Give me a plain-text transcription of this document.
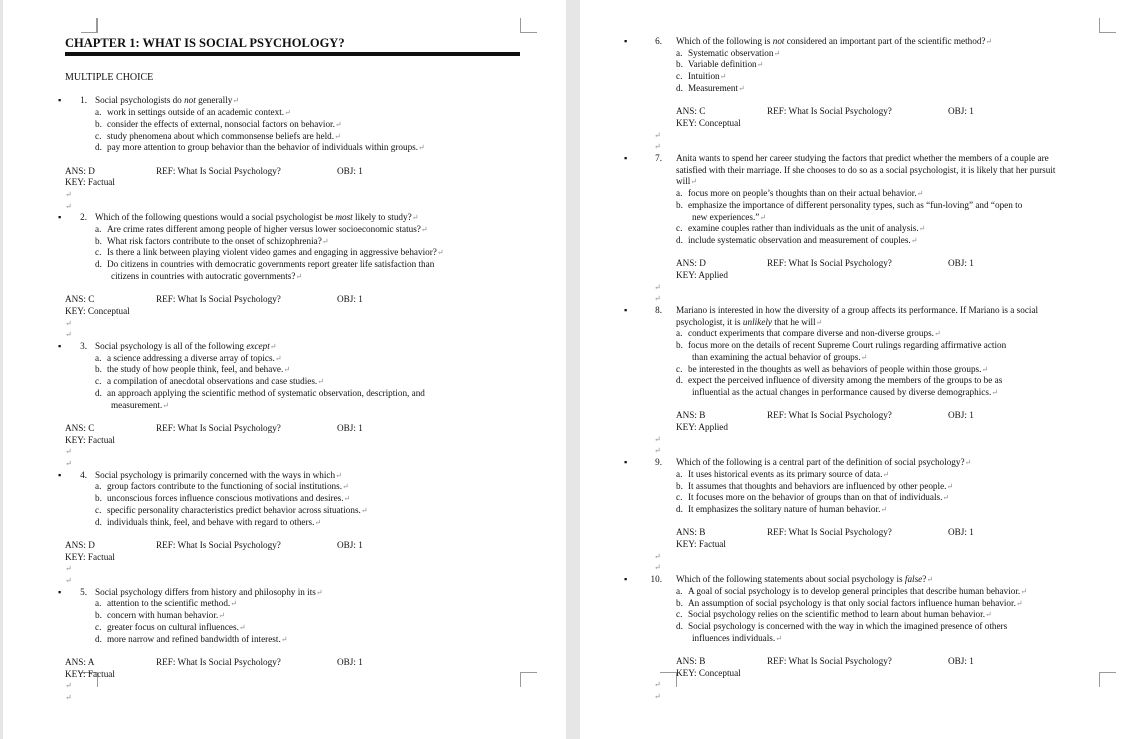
CHAPTER 1: WHAT IS SOCIAL PSYCHOLOGY?
MULTIPLE CHOICE
▪	1. Social psychologists do not generally↵
a. work in settings outside of an academic context.↵
b. consider the effects of external, nonsocial factors on behavior.↵
c. study phenomena about which commonsense beliefs are held.↵
d. pay more attention to group behavior than the behavior of individuals within groups.↵
ANS: D	REF: What Is Social Psychology?	OBJ: 1
KEY: Factual
↵
↵
▪	2. Which of the following questions would a social psychologist be most likely to study?↵
a. Are crime rates different among people of higher versus lower socioeconomic status?↵
b. What risk factors contribute to the onset of schizophrenia?↵
c. Is there a link between playing violent video games and engaging in aggressive behavior?↵
d. Do citizens in countries with democratic governments report greater life satisfaction than
citizens in countries with autocratic governments?↵
ANS: C	REF: What Is Social Psychology?	OBJ: 1
KEY: Conceptual
↵
↵
▪	3. Social psychology is all of the following except↵
a. a science addressing a diverse array of topics.↵
b. the study of how people think, feel, and behave.↵
c. a compilation of anecdotal observations and case studies.↵
d. an approach applying the scientific method of systematic observation, description, and
measurement.↵
ANS: C	REF: What Is Social Psychology?	OBJ: 1
KEY: Factual
↵
↵
▪	4. Social psychology is primarily concerned with the ways in which↵
a. group factors contribute to the functioning of social institutions.↵
b. unconscious forces influence conscious motivations and desires.↵
c. specific personality characteristics predict behavior across situations.↵
d. individuals think, feel, and behave with regard to others.↵
ANS: D	REF: What Is Social Psychology?	OBJ: 1
KEY: Factual
↵
↵
▪	5. Social psychology differs from history and philosophy in its↵
a. attention to the scientific method.↵
b. concern with human behavior.↵
c. greater focus on cultural influences.↵
d. more narrow and refined bandwidth of interest.↵
ANS: A	REF: What Is Social Psychology?	OBJ: 1
KEY: Factual
↵
↵
▪	6. Which of the following is not considered an important part of the scientific method?↵
a. Systematic observation↵
b. Variable definition↵
c. Intuition↵
d. Measurement↵
ANS: C	REF: What Is Social Psychology?	OBJ: 1
KEY: Conceptual
↵
↵
▪	7. Anita wants to spend her career studying the factors that predict whether the members of a couple are
satisfied with their marriage. If she chooses to do so as a social psychologist, it is likely that her pursuit
will↵
a. focus more on people’s thoughts than on their actual behavior.↵
b. emphasize the importance of different personality types, such as “fun-loving” and “open to
new experiences.”↵
c. examine couples rather than individuals as the unit of analysis.↵
d. include systematic observation and measurement of couples.↵
ANS: D	REF: What Is Social Psychology?	OBJ: 1
KEY: Applied
↵
↵
▪	8. Mariano is interested in how the diversity of a group affects its performance. If Mariano is a social
psychologist, it is unlikely that he will↵
a. conduct experiments that compare diverse and non-diverse groups.↵
b. focus more on the details of recent Supreme Court rulings regarding affirmative action
than examining the actual behavior of groups.↵
c. be interested in the thoughts as well as behaviors of people within those groups.↵
d. expect the perceived influence of diversity among the members of the groups to be as
influential as the actual changes in performance caused by diverse demographics.↵
ANS: B	REF: What Is Social Psychology?	OBJ: 1
KEY: Applied
↵
↵
▪	9. Which of the following is a central part of the definition of social psychology?↵
a. It uses historical events as its primary source of data.↵
b. It assumes that thoughts and behaviors are influenced by other people.↵
c. It focuses more on the behavior of groups than on that of individuals.↵
d. It emphasizes the solitary nature of human behavior.↵
ANS: B	REF: What Is Social Psychology?	OBJ: 1
KEY: Factual
↵
↵
▪	10. Which of the following statements about social psychology is false?↵
a. A goal of social psychology is to develop general principles that describe human behavior.↵
b. An assumption of social psychology is that only social factors influence human behavior.↵
c. Social psychology relies on the scientific method to learn about human behavior.↵
d. Social psychology is concerned with the way in which the imagined presence of others
influences individuals.↵
ANS: B	REF: What Is Social Psychology?	OBJ: 1
KEY: Conceptual
↵
↵
